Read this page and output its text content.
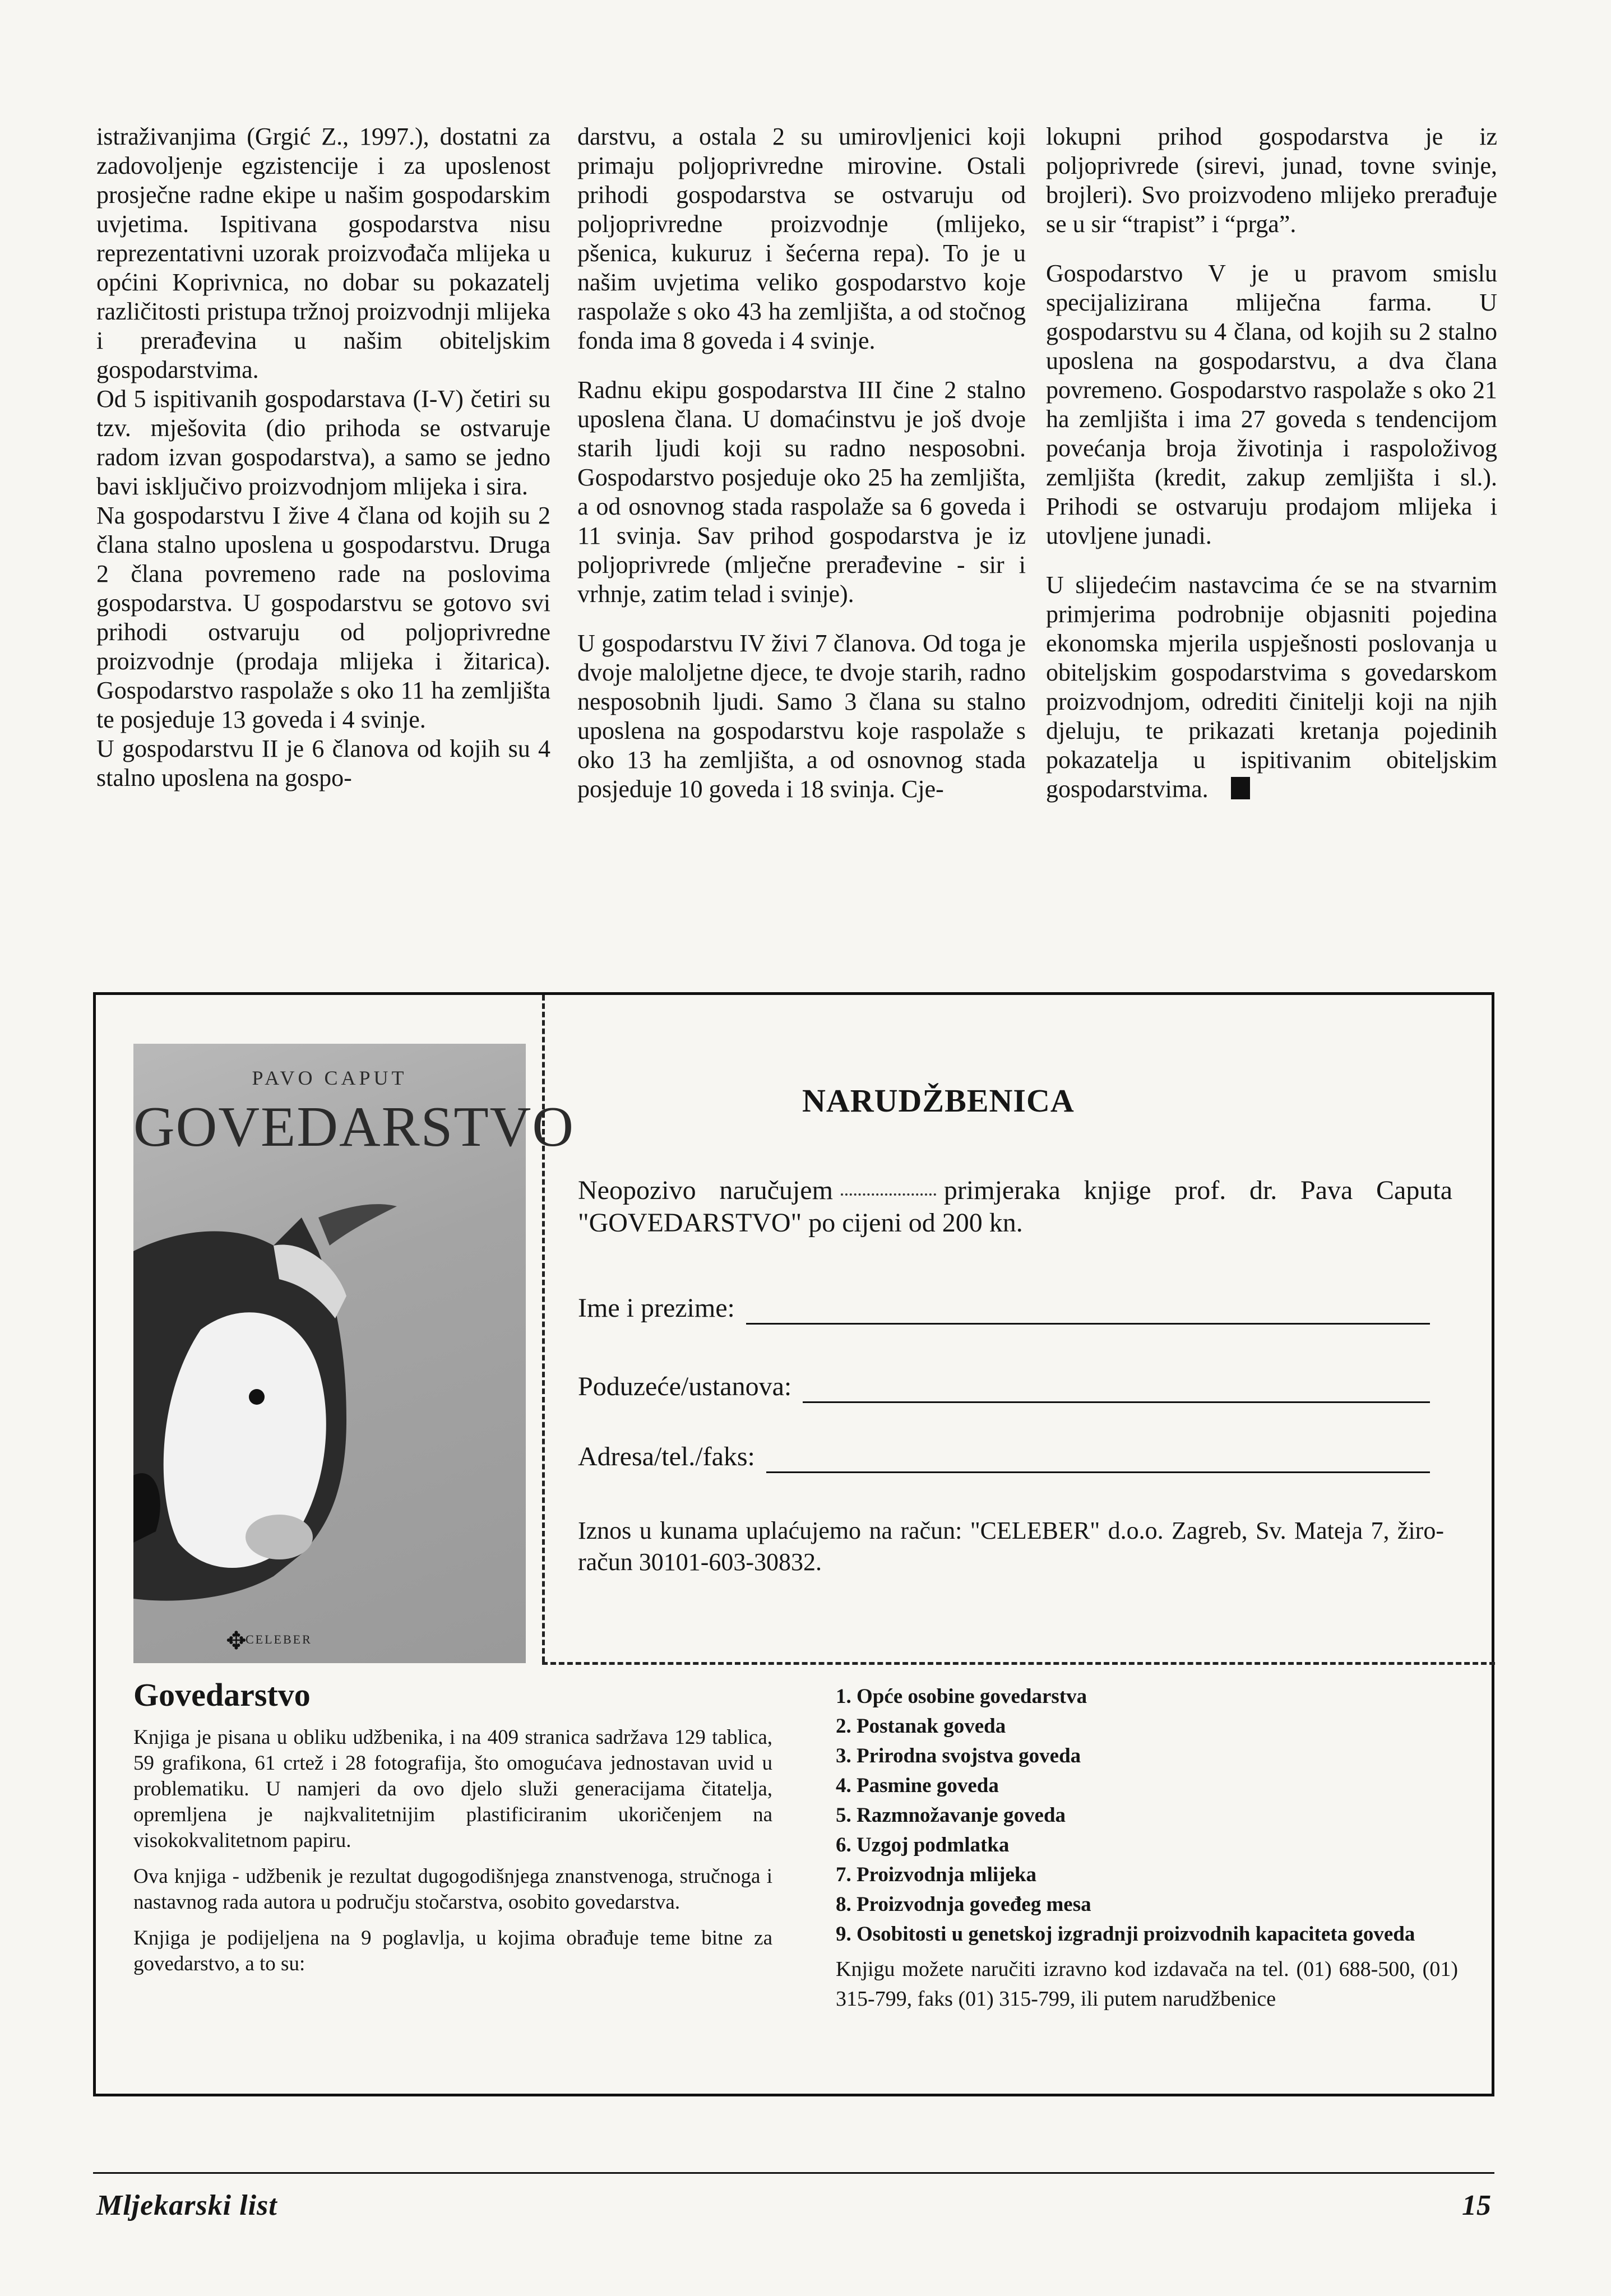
istraživanjima (Grgić Z., 1997.), dostatni za zadovoljenje egzistencije i za uposlenost prosječne radne ekipe u našim gospodarskim uvjetima. Ispitivana gospodarstva nisu reprezentativni uzorak proizvođača mlijeka u općini Koprivnica, no dobar su pokazatelj različitosti pristupa tržnoj proizvodnji mlijeka i prerađevina u našim obiteljskim gospodarstvima.

Od 5 ispitivanih gospodarstava (I-V) četiri su tzv. mješovita (dio prihoda se ostvaruje radom izvan gospodarstva), a samo se jedno bavi isključivo proizvodnjom mlijeka i sira.

Na gospodarstvu I žive 4 člana od kojih su 2 člana stalno uposlena u gospodarstvu. Druga 2 člana povremeno rade na poslovima gospodarstva. U gospodarstvu se gotovo svi prihodi ostvaruju od poljoprivredne proizvodnje (prodaja mlijeka i žitarica). Gospodarstvo raspolaže s oko 11 ha zemljišta te posjeduje 13 goveda i 4 svinje.

U gospodarstvu II je 6 članova od kojih su 4 stalno uposlena na gospo-

darstvu, a ostala 2 su umirovljenici koji primaju poljoprivredne mirovine. Ostali prihodi gospodarstva se ostvaruju od poljoprivredne proizvodnje (mlijeko, pšenica, kukuruz i šećerna repa). To je u našim uvjetima veliko gospodarstvo koje raspolaže s oko 43 ha zemljišta, a od stočnog fonda ima 8 goveda i 4 svinje.

Radnu ekipu gospodarstva III čine 2 stalno uposlena člana. U domaćinstvu je još dvoje starih ljudi koji su radno nesposobni. Gospodarstvo posjeduje oko 25 ha zemljišta, a od osnovnog stada raspolaže sa 6 goveda i 11 svinja. Sav prihod gospodarstva je iz poljoprivrede (mlječne prerađevine - sir i vrhnje, zatim telad i svinje).

U gospodarstvu IV živi 7 članova. Od toga je dvoje maloljetne djece, te dvoje starih, radno nesposobnih ljudi. Samo 3 člana su stalno uposlena na gospodarstvu koje raspolaže s oko 13 ha zemljišta, a od osnovnog stada posjeduje 10 goveda i 18 svinja. Cje-

lokupni prihod gospodarstva je iz poljoprivrede (sirevi, junad, tovne svinje, brojleri). Svo proizvodeno mlijeko prerađuje se u sir “trapist” i “prga”.

Gospodarstvo V je u pravom smislu specijalizirana mliječna farma. U gospodarstvu su 4 člana, od kojih su 2 stalno uposlena na gospodarstvu, a dva člana povremeno. Gospodarstvo raspolaže s oko 21 ha zemljišta i ima 27 goveda s tendencijom povećanja broja životinja i raspoloživog zemljišta (kredit, zakup zemljišta i sl.). Prihodi se ostvaruju prodajom mlijeka i utovljene junadi.

U slijedećim nastavcima će se na stvarnim primjerima podrobnije objasniti pojedina ekonomska mjerila uspješnosti poslovanja u obiteljskim gospodarstvima s govedarskom proizvodnjom, odrediti činitelji koji na njih djeluju, te prikazati kretanja pojedinih pokazatelja u ispitivanim obiteljskim gospodarstvima.

PAVO CAPUT
GOVEDARSTVO
✥
CELEBER
NARUDŽBENICA
Neopozivo naručujem	primjeraka knjige prof. dr. Pava Caputa "GOVEDARSTVO" po cijeni od 200 kn.
Ime i prezime:
Poduzeće/ustanova:
Adresa/tel./faks:
Iznos u kunama uplaćujemo na račun: "CELEBER" d.o.o. Zagreb, Sv. Mateja 7, žiro-račun 30101-603-30832.
Govedarstvo

Knjiga je pisana u obliku udžbenika, i na 409 stranica sadržava 129 tablica, 59 grafikona, 61 crtež i 28 fotografija, što omogućava jednostavan uvid u problematiku. U namjeri da ovo djelo služi generacijama čitatelja, opremljena je najkvalitetnijim plastificiranim ukoričenjem na visokokvalitetnom papiru.

Ova knjiga - udžbenik je rezultat dugogodišnjega znanstvenoga, stručnoga i nastavnog rada autora u području stočarstva, osobito govedarstva.

Knjiga je podijeljena na 9 poglavlja, u kojima obrađuje teme bitne za govedarstvo, a to su:

1. Opće osobine govedarstva
2. Postanak goveda
3. Prirodna svojstva goveda
4. Pasmine goveda
5. Razmnožavanje goveda
6. Uzgoj podmlatka
7. Proizvodnja mlijeka
8. Proizvodnja goveđeg mesa
9. Osobitosti u genetskoj izgradnji proizvodnih kapaciteta goveda
Knjigu možete naručiti izravno kod izdavača na tel. (01) 688-500, (01) 315-799, faks (01) 315-799, ili putem narudžbenice
Mljekarski list	15
